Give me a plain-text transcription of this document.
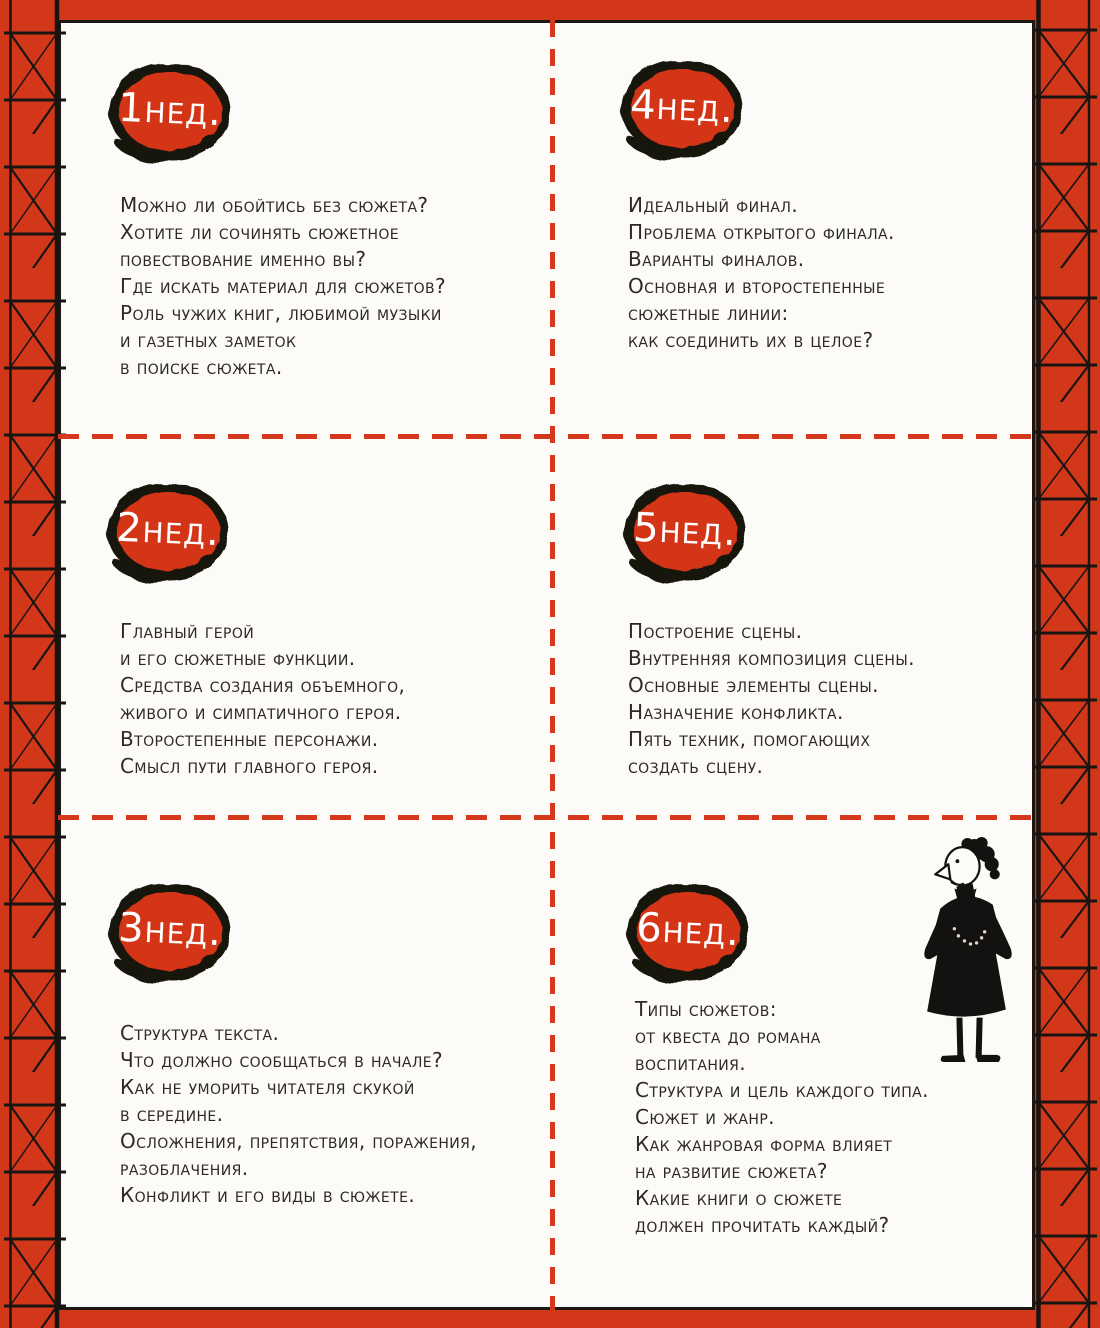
1нед.
Можно ли обойтись без сюжета?
Хотите ли сочинять сюжетное
повествование именно вы?
Где искать материал для сюжетов?
Роль чужих книг, любимой музыки
и газетных заметок
в поиске сюжета.
2нед.
Главный герой
и его сюжетные функции.
Средства создания объемного,
живого и симпатичного героя.
Второстепенные персонажи.
Смысл пути главного героя.
3нед.
Структура текста.
Что должно сообщаться в начале?
Как не уморить читателя скукой
в середине.
Осложнения, препятствия, поражения,
разоблачения.
Конфликт и его виды в сюжете.
4нед.
Идеальный финал.
Проблема открытого финала.
Варианты финалов.
Основная и второстепенные
сюжетные линии:
как соединить их в целое?
5нед.
Построение сцены.
Внутренняя композиция сцены.
Основные элементы сцены.
Назначение конфликта.
Пять техник, помогающих
создать сцену.
6нед.
Типы сюжетов:
от квеста до романа
воспитания.
Структура и цель каждого типа.
Сюжет и жанр.
Как жанровая форма влияет
на развитие сюжета?
Какие книги о сюжете
должен прочитать каждый?
